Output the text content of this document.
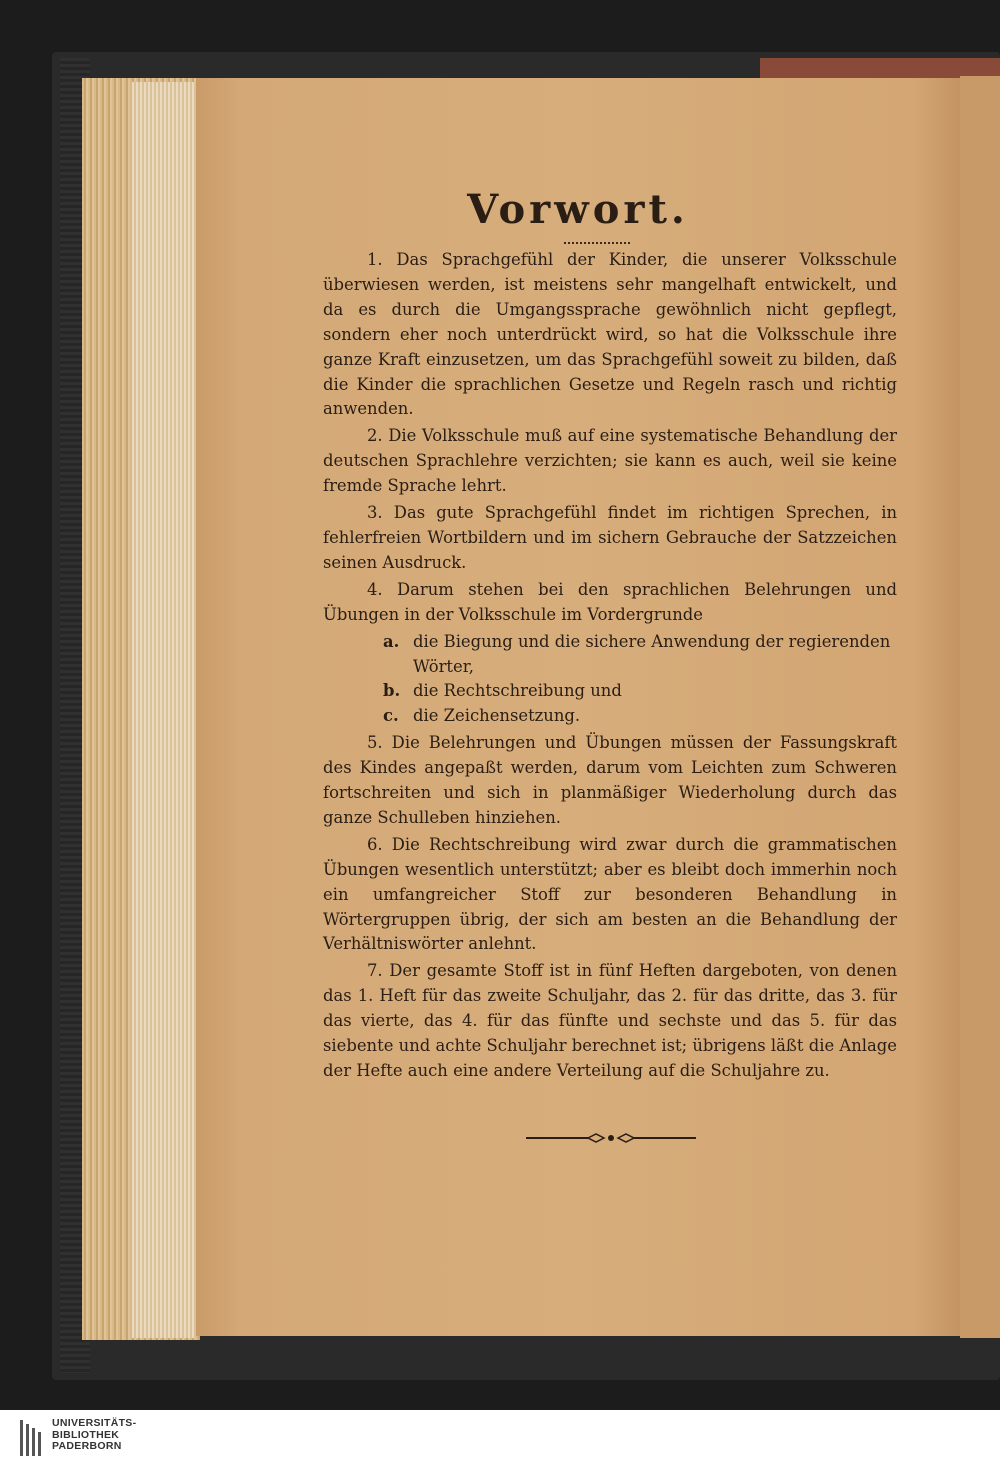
Vorwort.

1. Das Sprachgefühl der Kinder, die unserer Volksschule überwiesen werden, ist meistens sehr mangelhaft entwickelt, und da es durch die Umgangssprache gewöhnlich nicht gepflegt, sondern eher noch unterdrückt wird, so hat die Volksschule ihre ganze Kraft einzusetzen, um das Sprachgefühl soweit zu bilden, daß die Kinder die sprachlichen Gesetze und Regeln rasch und richtig anwenden.

2. Die Volksschule muß auf eine systematische Behandlung der deutschen Sprachlehre verzichten; sie kann es auch, weil sie keine fremde Sprache lehrt.

3. Das gute Sprachgefühl findet im richtigen Sprechen, in fehlerfreien Wortbildern und im sichern Gebrauche der Satzzeichen seinen Ausdruck.

4. Darum stehen bei den sprachlichen Belehrungen und Übungen in der Volksschule im Vordergrunde

a. die Biegung und die sichere Anwendung der regierenden
Wörter,
b. die Rechtschreibung und
c. die Zeichensetzung.

5. Die Belehrungen und Übungen müssen der Fassungskraft des Kindes angepaßt werden, darum vom Leichten zum Schweren fortschreiten und sich in planmäßiger Wiederholung durch das ganze Schulleben hinziehen.

6. Die Rechtschreibung wird zwar durch die grammatischen Übungen wesentlich unterstützt; aber es bleibt doch immerhin noch ein umfangreicher Stoff zur besonderen Behandlung in Wörtergruppen übrig, der sich am besten an die Behandlung der Verhältniswörter anlehnt.

7. Der gesamte Stoff ist in fünf Heften dargeboten, von denen das 1. Heft für das zweite Schuljahr, das 2. für das dritte, das 3. für das vierte, das 4. für das fünfte und sechste und das 5. für das siebente und achte Schuljahr berechnet ist; übrigens läßt die Anlage der Hefte auch eine andere Verteilung auf die Schuljahre zu.

UNIVERSITÄTS-
BIBLIOTHEK
PADERBORN
